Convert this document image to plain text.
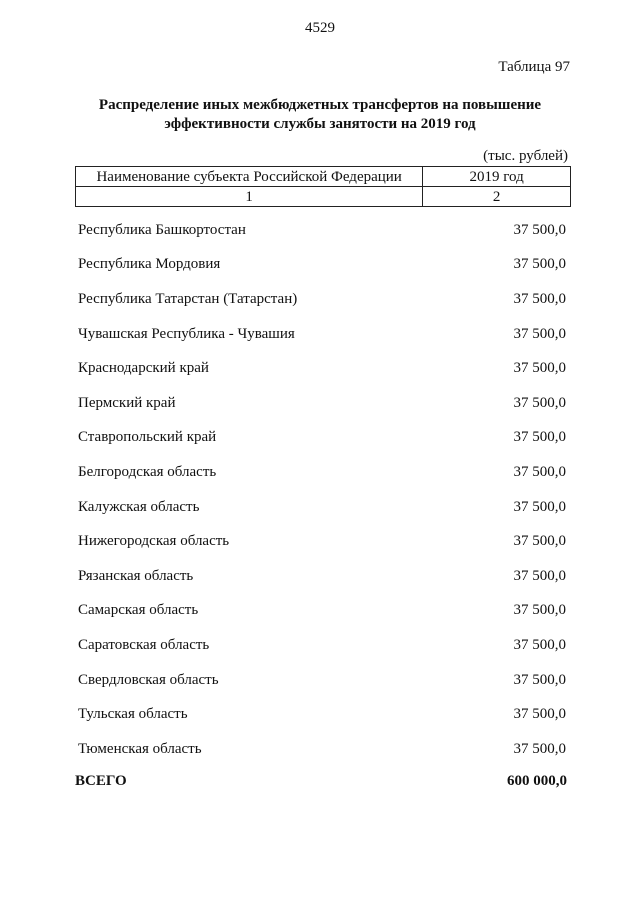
4529
Таблица 97
Распределение иных межбюджетных трансфертов на повышение
эффективности службы занятости на 2019 год
(тыс. рублей)
Наименование субъекта Российской Федерации	2019 год
1	2
Республика Башкортостан	37 500,0
Республика Мордовия	37 500,0
Республика Татарстан (Татарстан)	37 500,0
Чувашская Республика - Чувашия	37 500,0
Краснодарский край	37 500,0
Пермский край	37 500,0
Ставропольский край	37 500,0
Белгородская область	37 500,0
Калужская область	37 500,0
Нижегородская область	37 500,0
Рязанская область	37 500,0
Самарская область	37 500,0
Саратовская область	37 500,0
Свердловская область	37 500,0
Тульская область	37 500,0
Тюменская область	37 500,0
ВСЕГО	600 000,0
